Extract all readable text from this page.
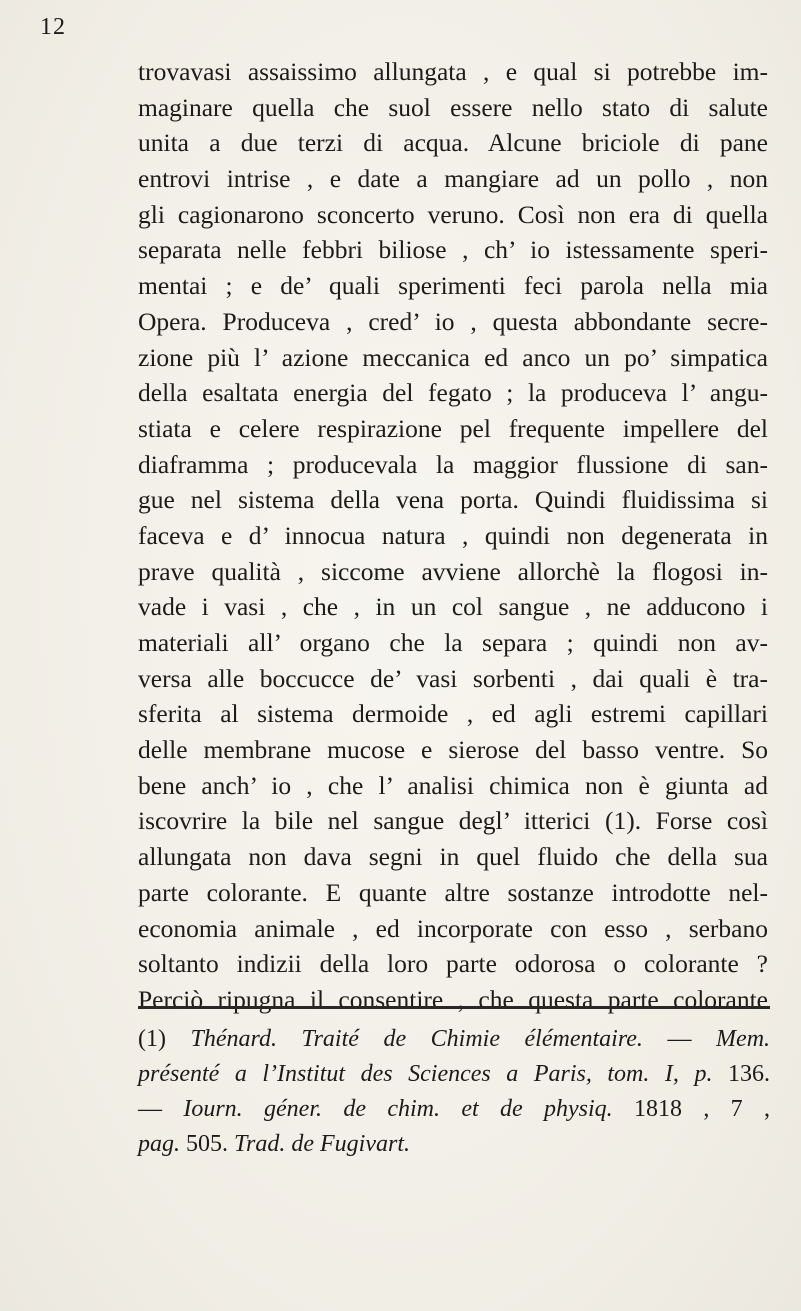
12
trovavasi assaissimo allungata , e qual si potrebbe im-
maginare quella che suol essere nello stato di salute
unita a due terzi di acqua. Alcune briciole di pane
entrovi intrise , e date a mangiare ad un pollo , non
gli cagionarono sconcerto veruno. Così non era di quella
separata nelle febbri biliose , ch’ io istessamente speri-
mentai ; e de’ quali sperimenti feci parola nella mia
Opera. Produceva , cred’ io , questa abbondante secre-
zione più l’ azione meccanica ed anco un po’ simpatica
della esaltata energia del fegato ; la produceva l’ angu-
stiata e celere respirazione pel frequente impellere del
diaframma ; producevala la maggior flussione di san-
gue nel sistema della vena porta. Quindi fluidissima si
faceva e d’ innocua natura , quindi non degenerata in
prave qualità , siccome avviene allorchè la flogosi in-
vade i vasi , che , in un col sangue , ne adducono i
materiali all’ organo che la separa ; quindi non av-
versa alle boccucce de’ vasi sorbenti , dai quali è tra-
sferita al sistema dermoide , ed agli estremi capillari
delle membrane mucose e sierose del basso ventre. So
bene anch’ io , che l’ analisi chimica non è giunta ad
iscovrire la bile nel sangue degl’ itterici (1). Forse così
allungata non dava segni in quel fluido che della sua
parte colorante. E quante altre sostanze introdotte nel-
economia animale , ed incorporate con esso , serbano
soltanto indizii della loro parte odorosa o colorante ?
Perciò ripugna il consentire , che questa parte colorante
(1) Thénard. Traité de Chimie élémentaire. — Mem.
présenté a l’Institut des Sciences a Paris, tom. I, p. 136.
— Iourn. géner. de chim. et de physiq. 1818 , 7 ,
pag. 505. Trad. de Fugivart.
